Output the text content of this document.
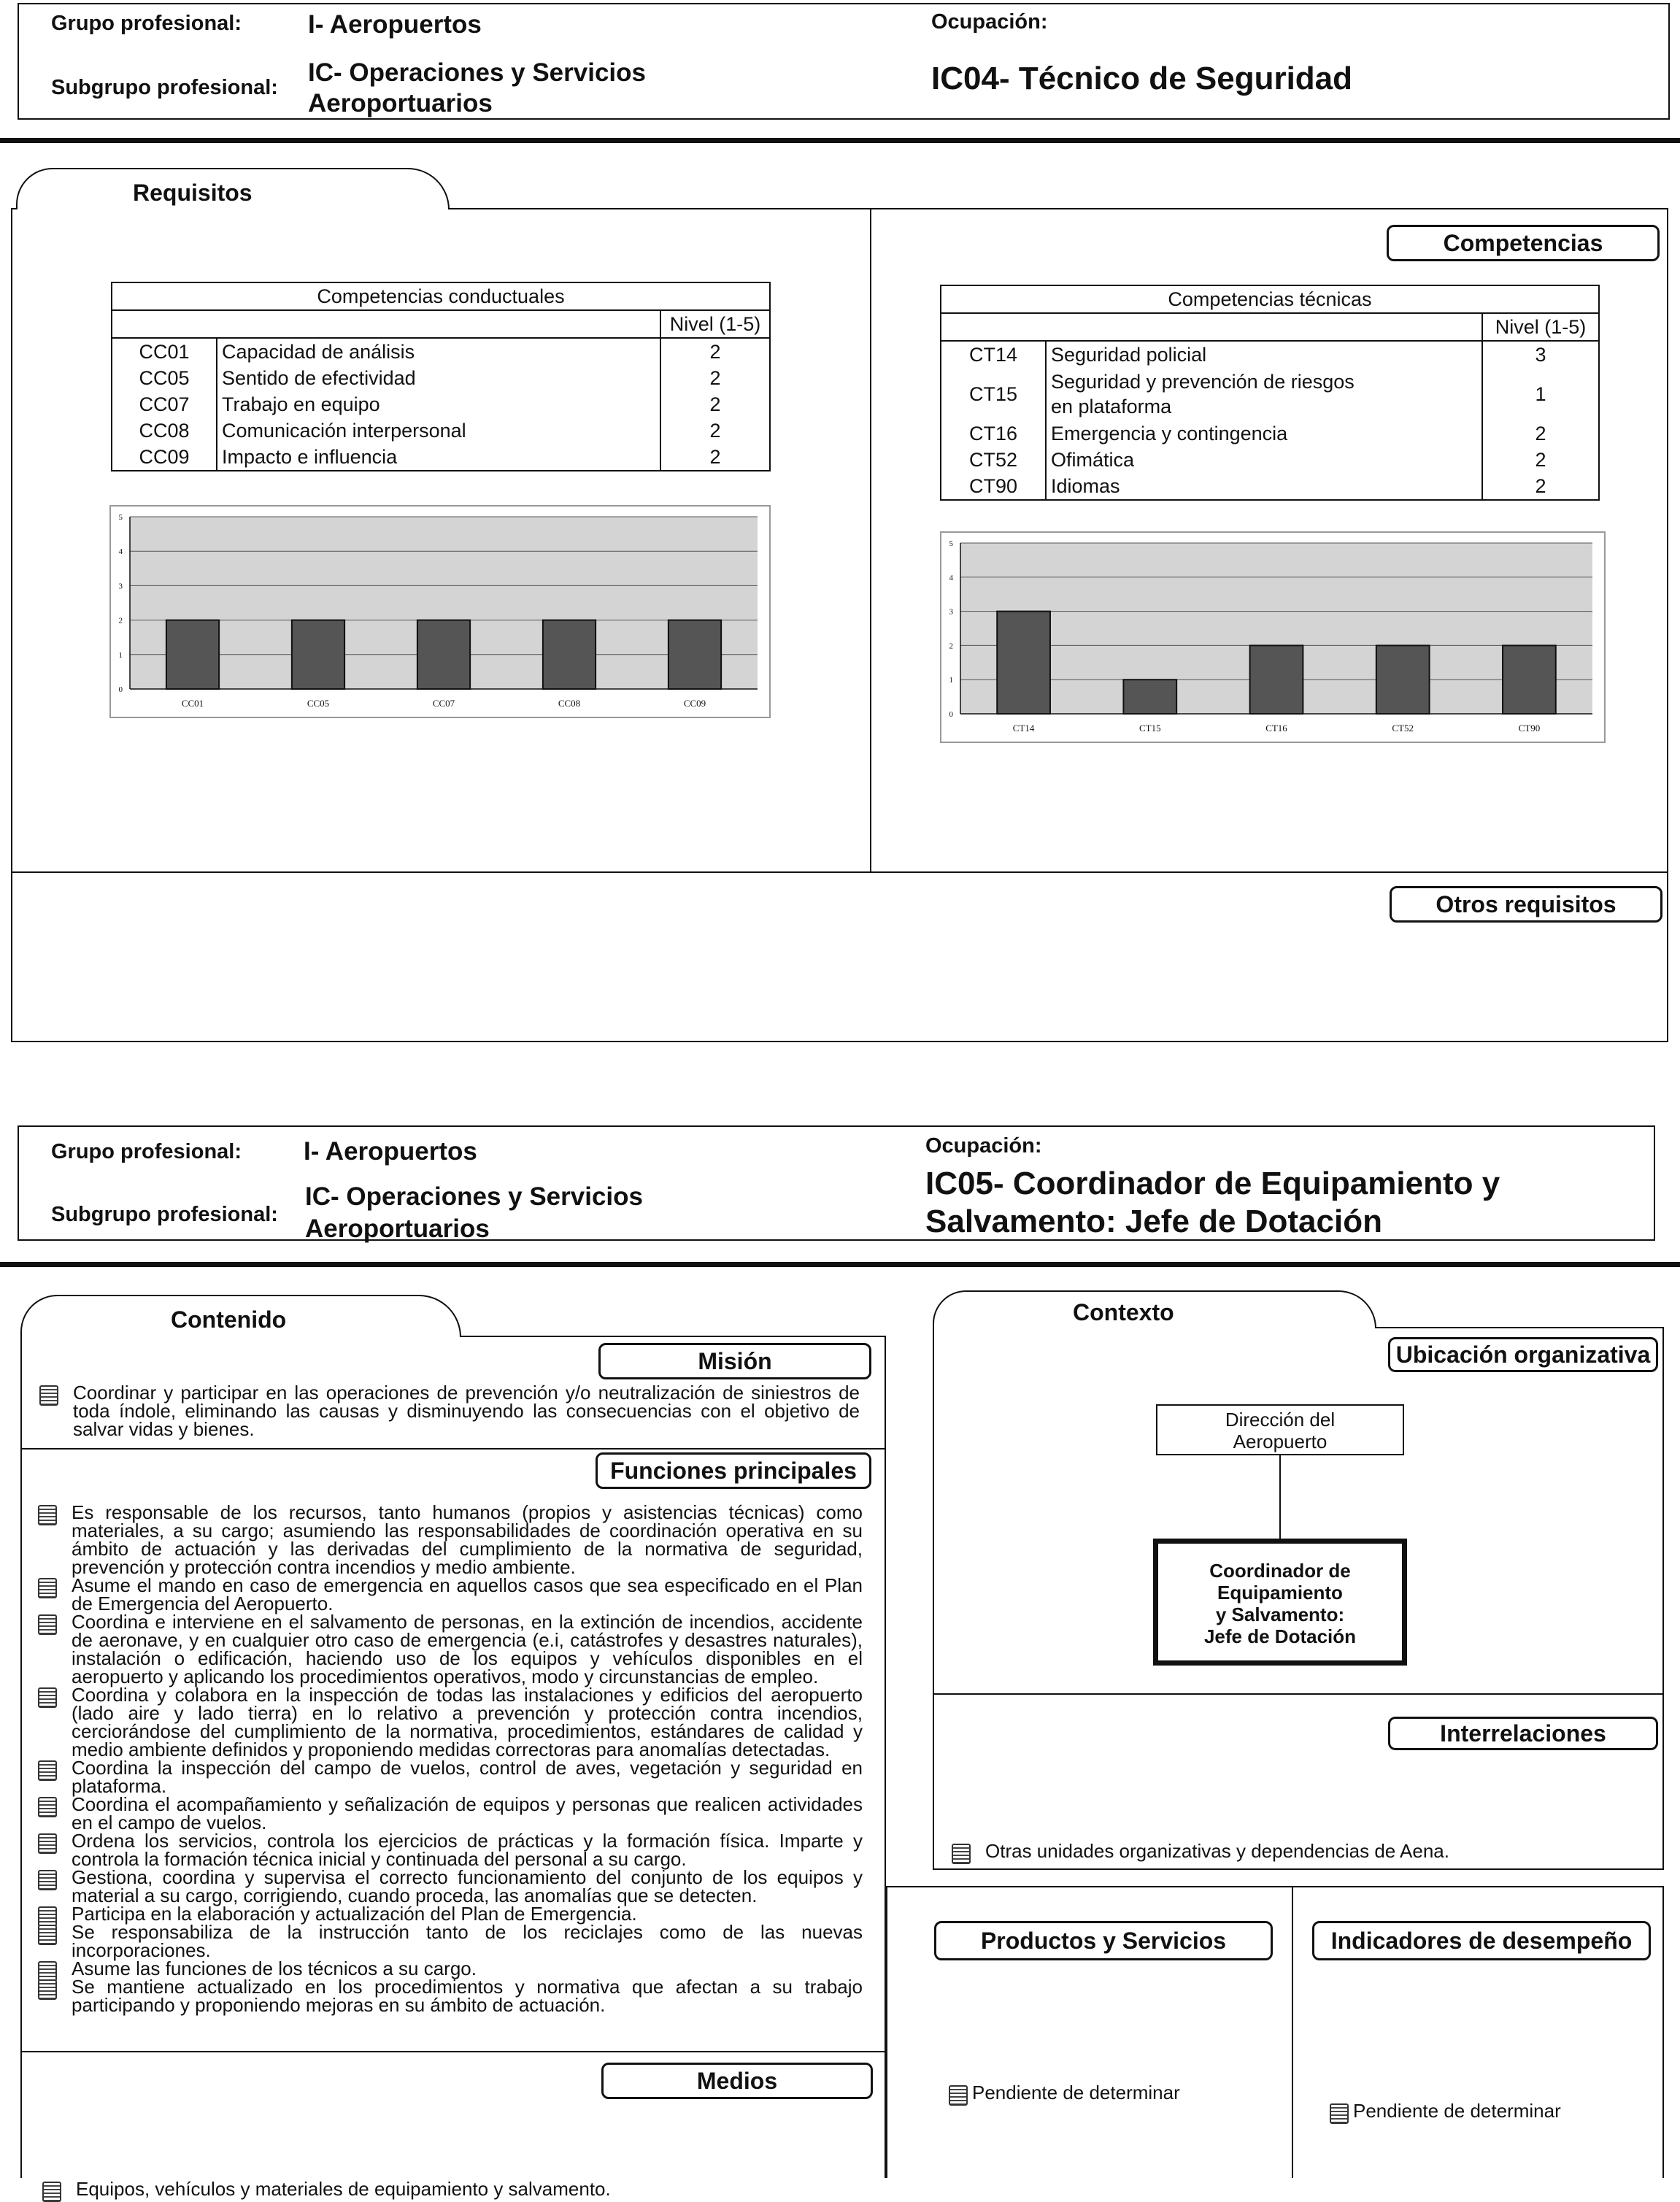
Grupo profesional:	I- Aeropuertos
Subgrupo profesional:
IC- Operaciones y Servicios
Aeroportuarios
Ocupación:
IC04- Técnico de Seguridad
Requisitos
Competencias
Otros requisitos
Competencias conductuales		
		Nivel (1-5)
CC01	Capacidad de análisis	2
CC05	Sentido de efectividad	2
CC07	Trabajo en equipo	2
CC08	Comunicación interpersonal	2
CC09	Impacto e influencia	2
Competencias técnicas		
		Nivel (1-5)
CT14	Seguridad policial	3
CT15	Seguridad y prevención de riesgos
en plataforma	1
CT16	Emergencia y contingencia	2
CT52	Ofimática	2
CT90	Idiomas	2
0
1
2
3
4
5
CC01	CC05	CC07	CC08	CC09
0
1
2
3
4
5
CT14	CT15	CT16	CT52	CT90
Grupo profesional: I- Aeropuertos
Subgrupo profesional:
IC- Operaciones y Servicios
Aeroportuarios
Ocupación:
IC05- Coordinador de Equipamiento y
Salvamento: Jefe de Dotación
Contenido
Misión
Coordinar y participar en las operaciones de prevención y/o neutralización de siniestros de toda índole, eliminando las causas y disminuyendo las consecuencias con el objetivo de salvar vidas y bienes.
Funciones principales
Es responsable de los recursos, tanto humanos (propios y asistencias técnicas) como materiales, a su cargo; asumiendo las responsabilidades de coordinación operativa en su ámbito de actuación y las derivadas del cumplimiento de la normativa de seguridad, prevención y protección contra incendios y medio ambiente.
Asume el mando en caso de emergencia en aquellos casos que sea especificado en el Plan de Emergencia del Aeropuerto.
Coordina e interviene en el salvamento de personas, en la extinción de incendios, accidente de aeronave, y en cualquier otro caso de emergencia (e.i, catástrofes y desastres naturales), instalación o edificación, haciendo uso de los equipos y vehículos disponibles en el aeropuerto y aplicando los procedimientos operativos, modo y circunstancias de empleo.
Coordina y colabora en la inspección de todas las instalaciones y edificios del aeropuerto (lado aire y lado tierra) en lo relativo a prevención y protección contra incendios, cerciorándose del cumplimiento de la normativa, procedimientos, estándares de calidad y medio ambiente definidos y proponiendo medidas correctoras para anomalías detectadas.
Coordina la inspección del campo de vuelos, control de aves, vegetación y seguridad en plataforma.
Coordina el acompañamiento y señalización de equipos y personas que realicen actividades en el campo de vuelos.
Ordena los servicios, controla los ejercicios de prácticas y la formación física. Imparte y controla la formación técnica inicial y continuada del personal a su cargo.
Gestiona, coordina y supervisa el correcto funcionamiento del conjunto de los equipos y material a su cargo, corrigiendo, cuando proceda, las anomalías que se detecten.
Participa en la elaboración y actualización del Plan de Emergencia.
Se responsabiliza de la instrucción tanto de los reciclajes como de las nuevas incorporaciones.
Asume las funciones de los técnicos a su cargo.
Se mantiene actualizado en los procedimientos y normativa que afectan a su trabajo participando y proponiendo mejoras en su ámbito de actuación.
Medios
Equipos, vehículos y materiales de equipamiento y salvamento.
Contexto
Ubicación organizativa
Dirección del
Aeropuerto
Coordinador de
Equipamiento
y Salvamento:
Jefe de Dotación
Interrelaciones
Otras unidades organizativas y dependencias de Aena.
Productos y Servicios	Indicadores de desempeño
Pendiente de determinar
Pendiente de determinar
